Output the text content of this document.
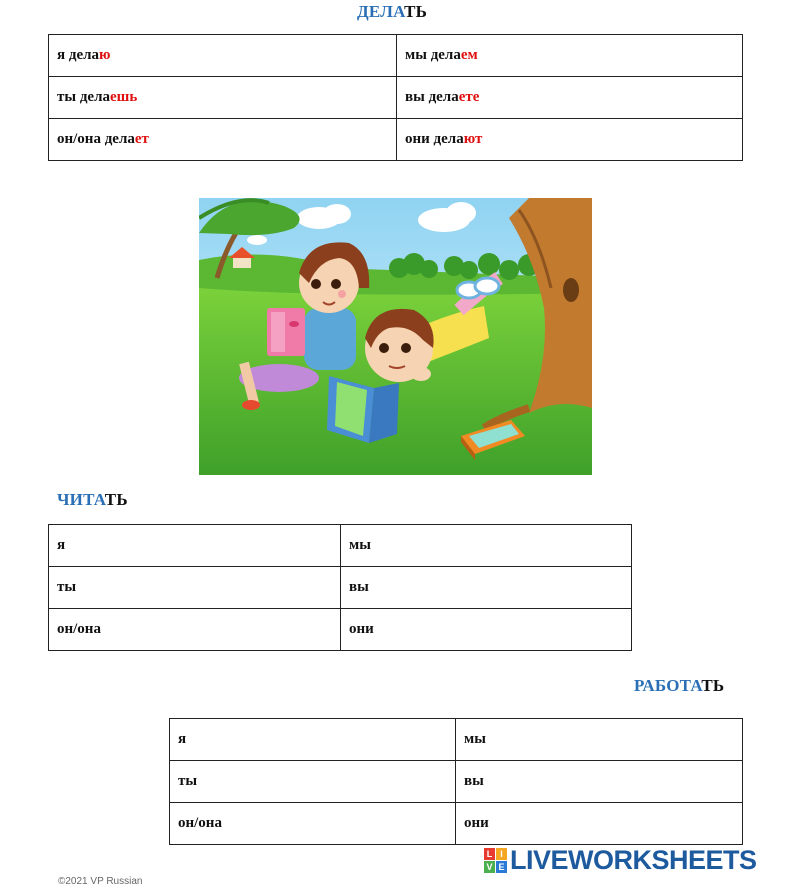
ДЕЛАТЬ
я делаю	мы делаем
ты делаешь	вы делаете
он/она делает	они делают
ЧИТАТЬ
я	мы
ты	вы
он/она	они
РАБОТАТЬ
я	мы
ты	вы
он/она	они
©2021 VP Russian
L I
V E LIVEWORKSHEETS
